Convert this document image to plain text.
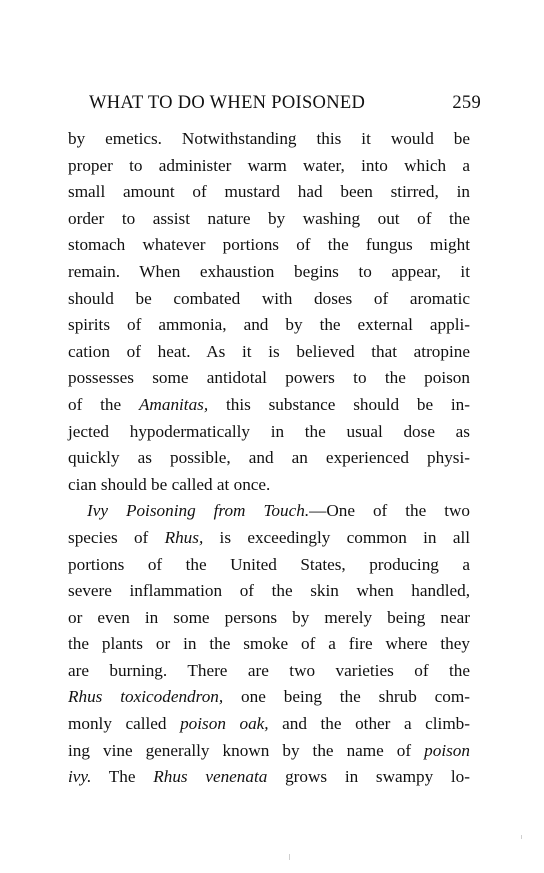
WHAT TO DO WHEN POISONED	259
by emetics. Notwithstanding this it would be
proper to administer warm water, into which a
small amount of mustard had been stirred, in
order to assist nature by washing out of the
stomach whatever portions of the fungus might
remain. When exhaustion begins to appear, it
should be combated with doses of aromatic
spirits of ammonia, and by the external appli-
cation of heat. As it is believed that atropine
possesses some antidotal powers to the poison
of the Amanitas, this substance should be in-
jected hypodermatically in the usual dose as
quickly as possible, and an experienced physi-
cian should be called at once.
Ivy Poisoning from Touch.—One of the two
species of Rhus, is exceedingly common in all
portions of the United States, producing a
severe inflammation of the skin when handled,
or even in some persons by merely being near
the plants or in the smoke of a fire where they
are burning. There are two varieties of the
Rhus toxicodendron, one being the shrub com-
monly called poison oak, and the other a climb-
ing vine generally known by the name of poison
ivy. The Rhus venenata grows in swampy lo-
